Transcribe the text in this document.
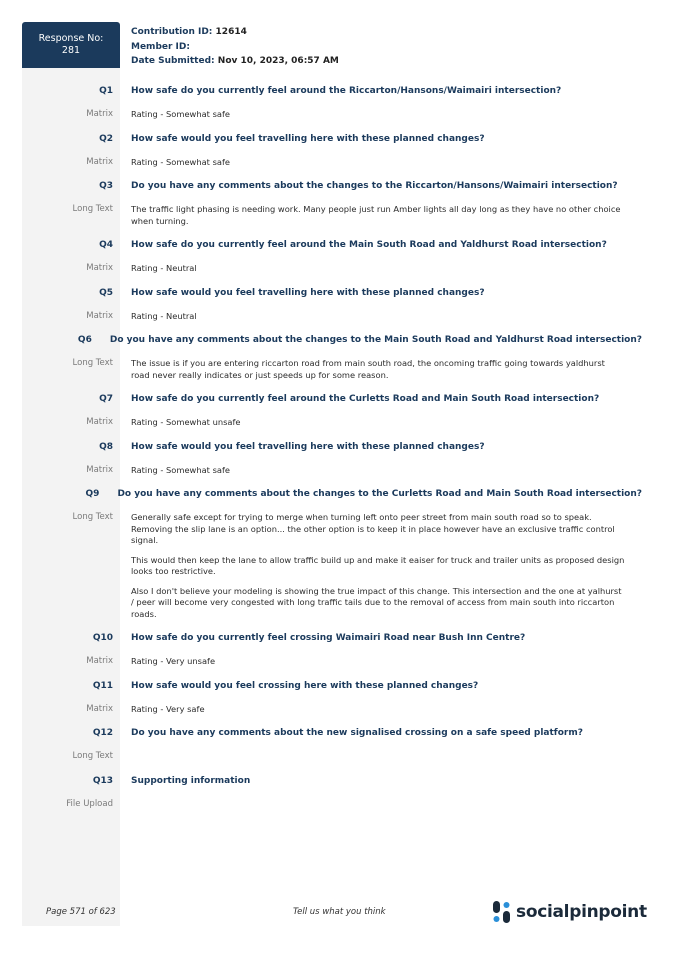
Response No:
281
Contribution ID: 12614
Member ID:
Date Submitted: Nov 10, 2023, 06:57 AM
Q1 How safe do you currently feel around the Riccarton/Hansons/Waimairi intersection?
Matrix Rating - Somewhat safe

Q2 How safe would you feel travelling here with these planned changes?
Matrix Rating - Somewhat safe

Q3 Do you have any comments about the changes to the Riccarton/Hansons/Waimairi intersection?
Long Text The traffic light phasing is needing work. Many people just run Amber lights all day long as they have no other choice when turning.

Q4 How safe do you currently feel around the Main South Road and Yaldhurst Road intersection?
Matrix Rating - Neutral

Q5 How safe would you feel travelling here with these planned changes?
Matrix Rating - Neutral

Q6 Do you have any comments about the changes to the Main South Road and Yaldhurst Road intersection?
Long Text The issue is if you are entering riccarton road from main south road, the oncoming traffic going towards yaldhurst road never really indicates or just speeds up for some reason.

Q7 How safe do you currently feel around the Curletts Road and Main South Road intersection?
Matrix Rating - Somewhat unsafe

Q8 How safe would you feel travelling here with these planned changes?
Matrix Rating - Somewhat safe

Q9 Do you have any comments about the changes to the Curletts Road and Main South Road intersection?
Long Text Generally safe except for trying to merge when turning left onto peer street from main south road so to speak. Removing the slip lane is an option... the other option is to keep it in place however have an exclusive traffic control signal.

This would then keep the lane to allow traffic build up and make it eaiser for truck and trailer units as proposed design looks too restrictive.

Also I don't believe your modeling is showing the true impact of this change. This intersection and the one at yalhurst / peer will become very congested with long traffic tails due to the removal of access from main south into riccarton roads.

Q10 How safe do you currently feel crossing Waimairi Road near Bush Inn Centre?
Matrix Rating - Very unsafe

Q11 How safe would you feel crossing here with these planned changes?
Matrix Rating - Very safe

Q12 Do you have any comments about the new signalised crossing on a safe speed platform?
Long Text

Q13 Supporting information
File Upload

Page 571 of 623	Tell us what you think	socialpinpoint
